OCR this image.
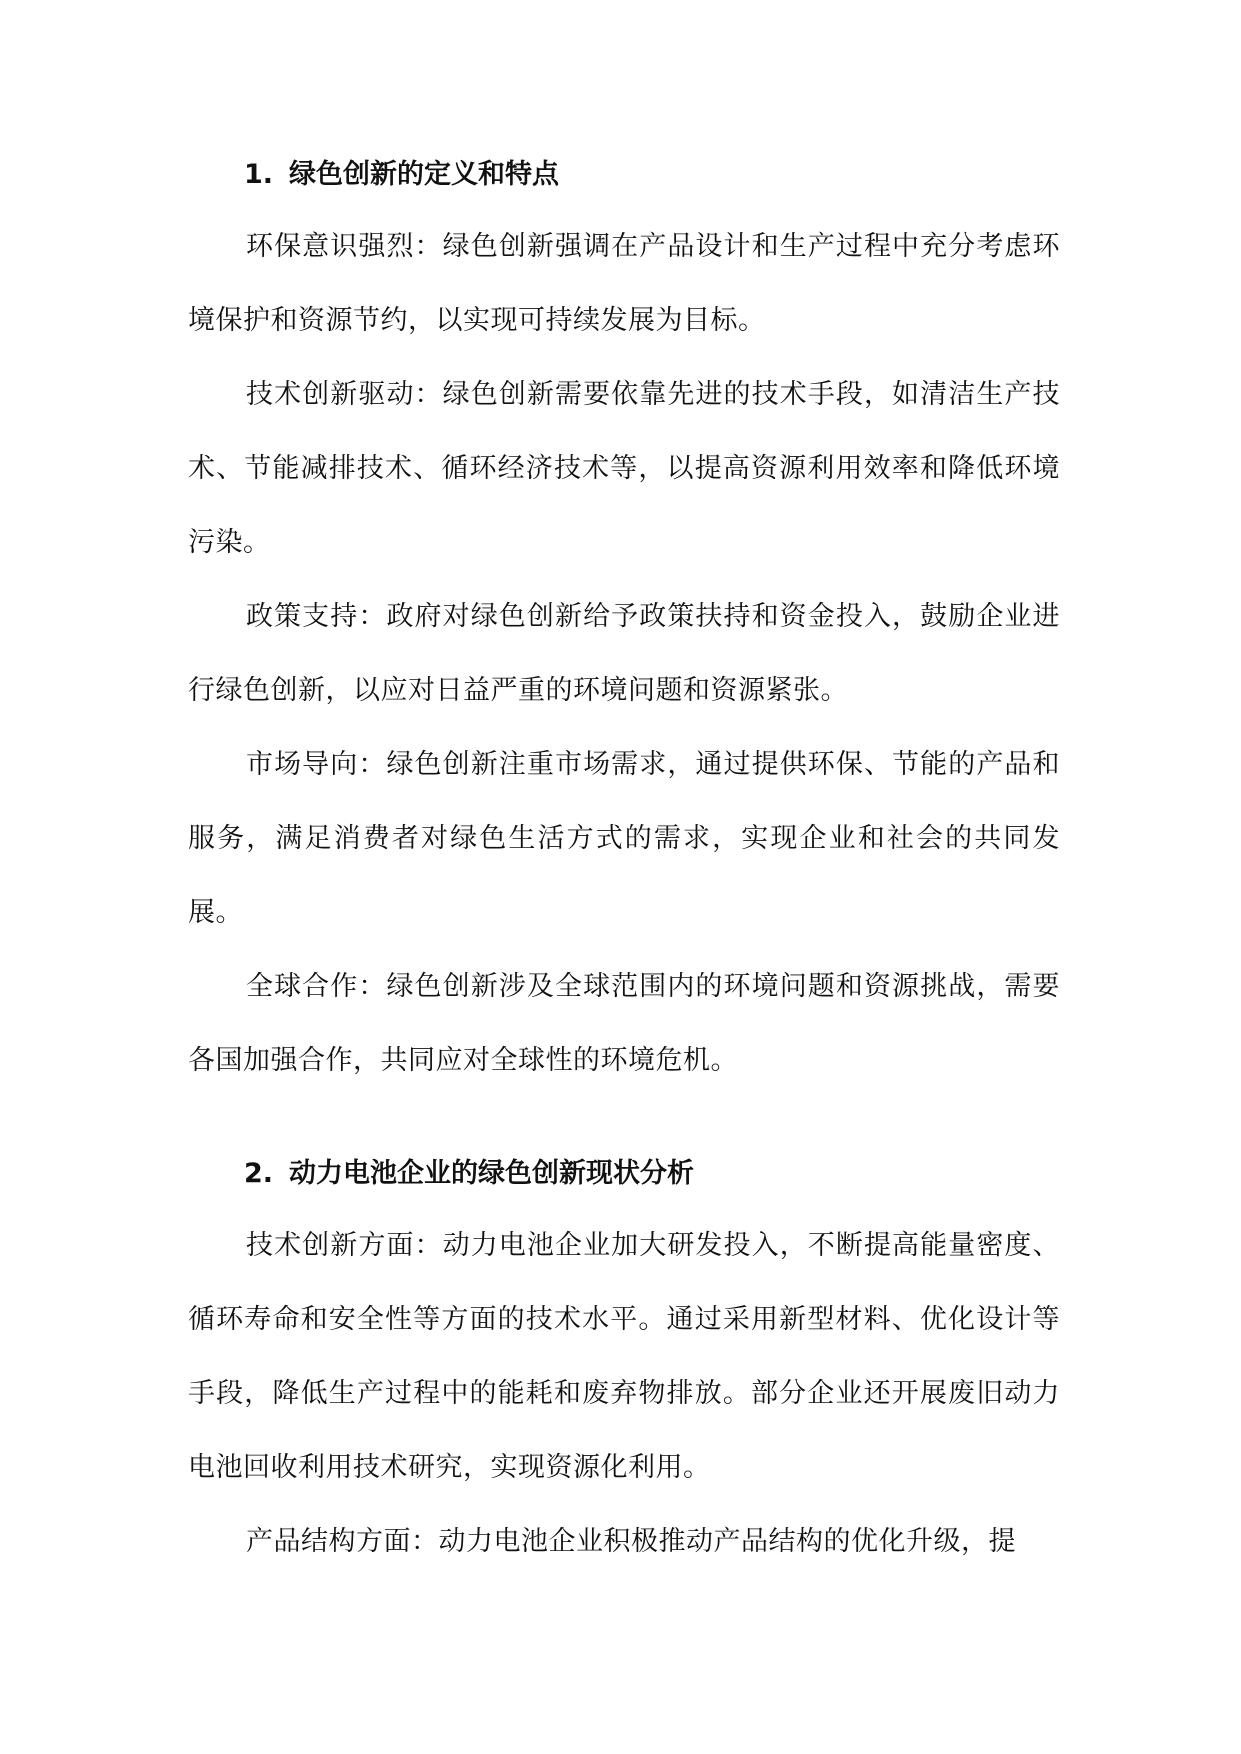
1. 绿色创新的定义和特点

环保意识强烈：绿色创新强调在产品设计和生产过程中充分考虑环境保护和资源节约，以实现可持续发展为目标。

技术创新驱动：绿色创新需要依靠先进的技术手段，如清洁生产技术、节能减排技术、循环经济技术等，以提高资源利用效率和降低环境污染。

政策支持：政府对绿色创新给予政策扶持和资金投入，鼓励企业进行绿色创新，以应对日益严重的环境问题和资源紧张。

市场导向：绿色创新注重市场需求，通过提供环保、节能的产品和服务，满足消费者对绿色生活方式的需求，实现企业和社会的共同发展。

全球合作：绿色创新涉及全球范围内的环境问题和资源挑战，需要各国加强合作，共同应对全球性的环境危机。

2. 动力电池企业的绿色创新现状分析

技术创新方面：动力电池企业加大研发投入，不断提高能量密度、循环寿命和安全性等方面的技术水平。通过采用新型材料、优化设计等手段，降低生产过程中的能耗和废弃物排放。部分企业还开展废旧动力电池回收利用技术研究，实现资源化利用。

产品结构方面：动力电池企业积极推动产品结构的优化升级，提
